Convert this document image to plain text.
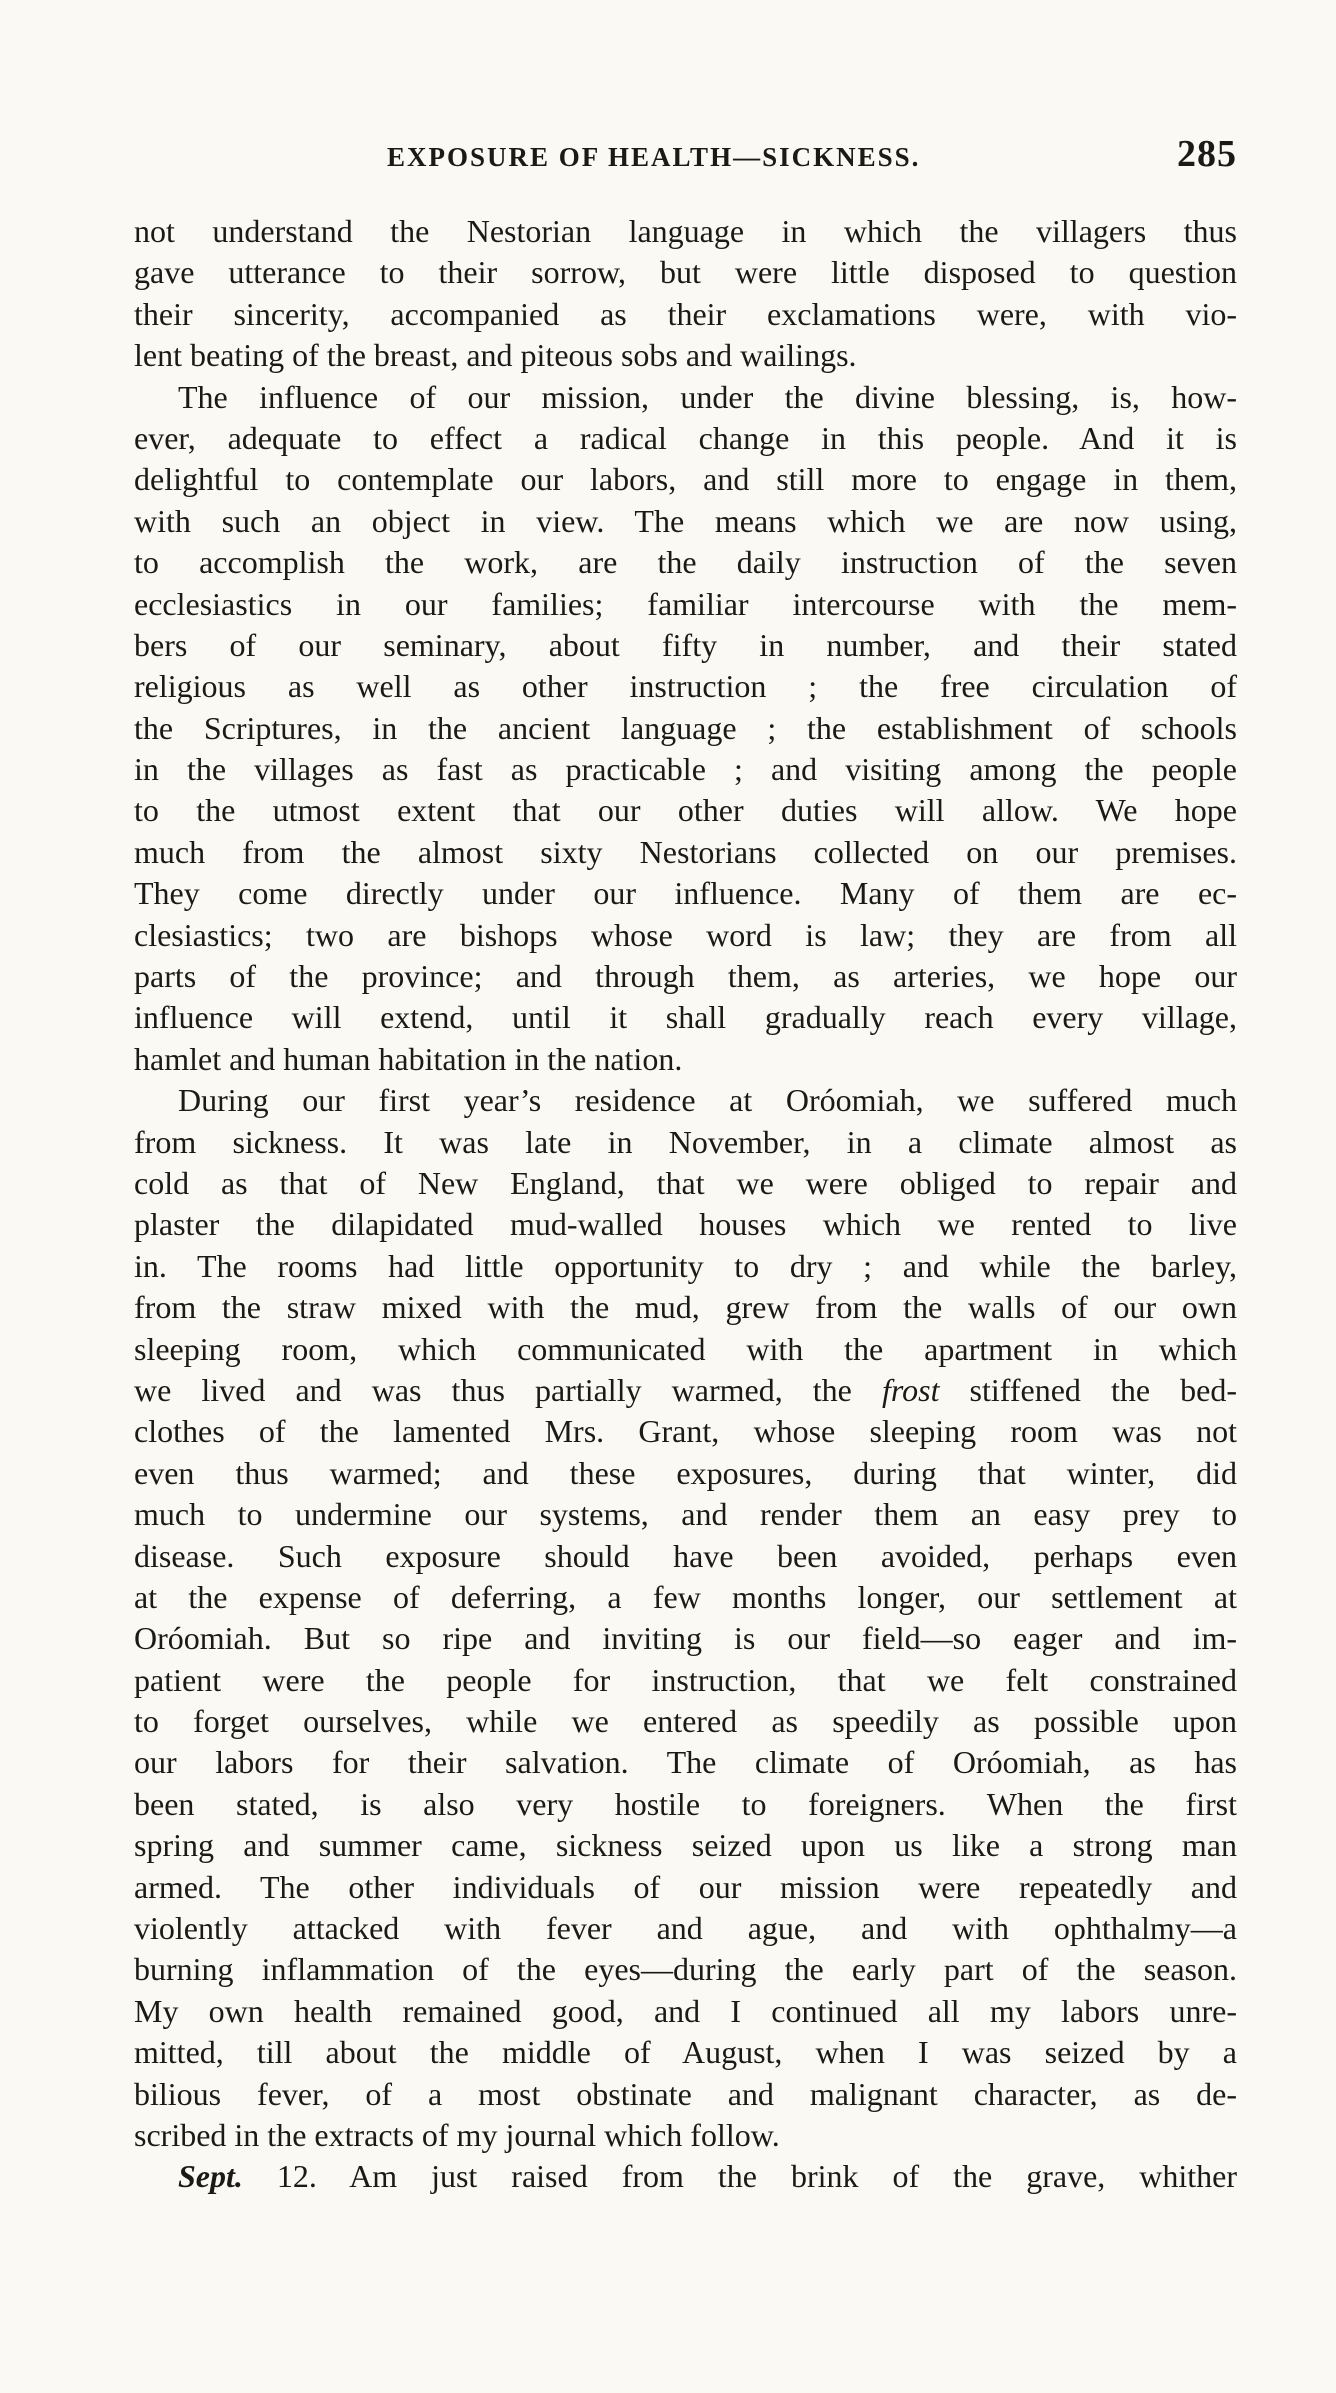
EXPOSURE OF HEALTH—SICKNESS.	285
not understand the Nestorian language in which the villagers thus
gave utterance to their sorrow, but were little disposed to question
their sincerity, accompanied as their exclamations were, with vio-
lent beating of the breast, and piteous sobs and wailings.
The influence of our mission, under the divine blessing, is, how-
ever, adequate to effect a radical change in this people. And it is
delightful to contemplate our labors, and still more to engage in them,
with such an object in view. The means which we are now using,
to accomplish the work, are the daily instruction of the seven
ecclesiastics in our families; familiar intercourse with the mem-
bers of our seminary, about fifty in number, and their stated
religious as well as other instruction ; the free circulation of
the Scriptures, in the ancient language ; the establishment of schools
in the villages as fast as practicable ; and visiting among the people
to the utmost extent that our other duties will allow. We hope
much from the almost sixty Nestorians collected on our premises.
They come directly under our influence. Many of them are ec-
clesiastics; two are bishops whose word is law; they are from all
parts of the province; and through them, as arteries, we hope our
influence will extend, until it shall gradually reach every village,
hamlet and human habitation in the nation.
During our first year’s residence at Oróomiah, we suffered much
from sickness. It was late in November, in a climate almost as
cold as that of New England, that we were obliged to repair and
plaster the dilapidated mud-walled houses which we rented to live
in. The rooms had little opportunity to dry ; and while the barley,
from the straw mixed with the mud, grew from the walls of our own
sleeping room, which communicated with the apartment in which
we lived and was thus partially warmed, the frost stiffened the bed-
clothes of the lamented Mrs. Grant, whose sleeping room was not
even thus warmed; and these exposures, during that winter, did
much to undermine our systems, and render them an easy prey to
disease. Such exposure should have been avoided, perhaps even
at the expense of deferring, a few months longer, our settlement at
Oróomiah. But so ripe and inviting is our field—so eager and im-
patient were the people for instruction, that we felt constrained
to forget ourselves, while we entered as speedily as possible upon
our labors for their salvation. The climate of Oróomiah, as has
been stated, is also very hostile to foreigners. When the first
spring and summer came, sickness seized upon us like a strong man
armed. The other individuals of our mission were repeatedly and
violently attacked with fever and ague, and with ophthalmy—a
burning inflammation of the eyes—during the early part of the season.
My own health remained good, and I continued all my labors unre-
mitted, till about the middle of August, when I was seized by a
bilious fever, of a most obstinate and malignant character, as de-
scribed in the extracts of my journal which follow.
Sept. 12. Am just raised from the brink of the grave, whither
